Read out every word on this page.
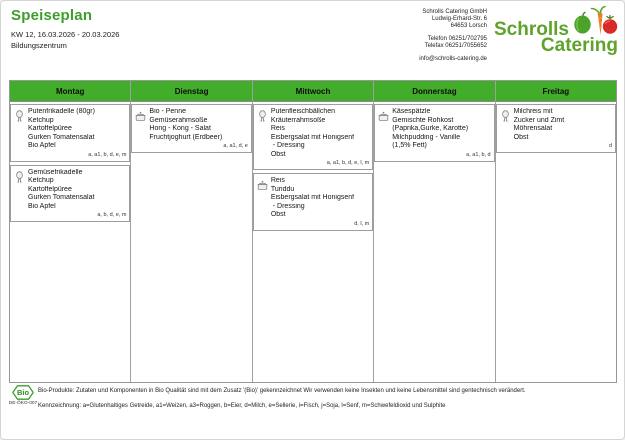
Speiseplan
KW 12, 16.03.2026 - 20.03.2026
Bildungszentrum
Schrolls Catering GmbH
Ludwig-Erhard-Str. 6
64653 Lorsch
Telefon 06251/702795
Telefax 06251/7055652
info@schrolls-catering.de
Schrolls
Catering
Montag
Putenfrikadelle (80gr)
Ketchup
Kartoffelpüree
Gurken Tomatensalat
Bio Apfel
a, a1, b, d, e, m
Gemüsefrikadelle
Ketchup
Kartoffelpüree
Gurken Tomatensalat
Bio Apfel
a, b, d, e, m
Dienstag
Bio - Penne
Gemüserahmsoße
Hong - Kong - Salat
Fruchtjoghurt (Erdbeer)
a, a1, d, e
Mittwoch
Putenfleischbällchen
Kräuterrahmsoße
Reis
Eisbergsalat mit Honigsenf
- Dressing
Obst
a, a1, b, d, e, l, m
Reis
Turiddu
Eisbergsalat mit Honigsenf
- Dressing
Obst
d, l, m
Donnerstag
Käsespätzle
Gemischte Rohkost
(Paprika,Gurke, Karotte)
Milchpudding - Vanille
(1,5% Fett)
a, a1, b, d
Freitag
Milchreis mit
Zucker und Zimt
Möhrensalat
Obst
d
Bio
DE-ÖKO-007
Bio-Produkte: Zutaten und Komponenten in Bio Qualität sind mit dem Zusatz '(Bio)' gekennzeichnet Wir verwenden keine Insekten und keine Lebensmittel sind gentechnisch verändert.
Kennzeichnung: a=Glutenhaltiges Getreide, a1=Weizen, a3=Roggen, b=Eier, d=Milch, e=Sellerie, i=Fisch, j=Soja, l=Senf, m=Schwefeldioxid und Sulphite
